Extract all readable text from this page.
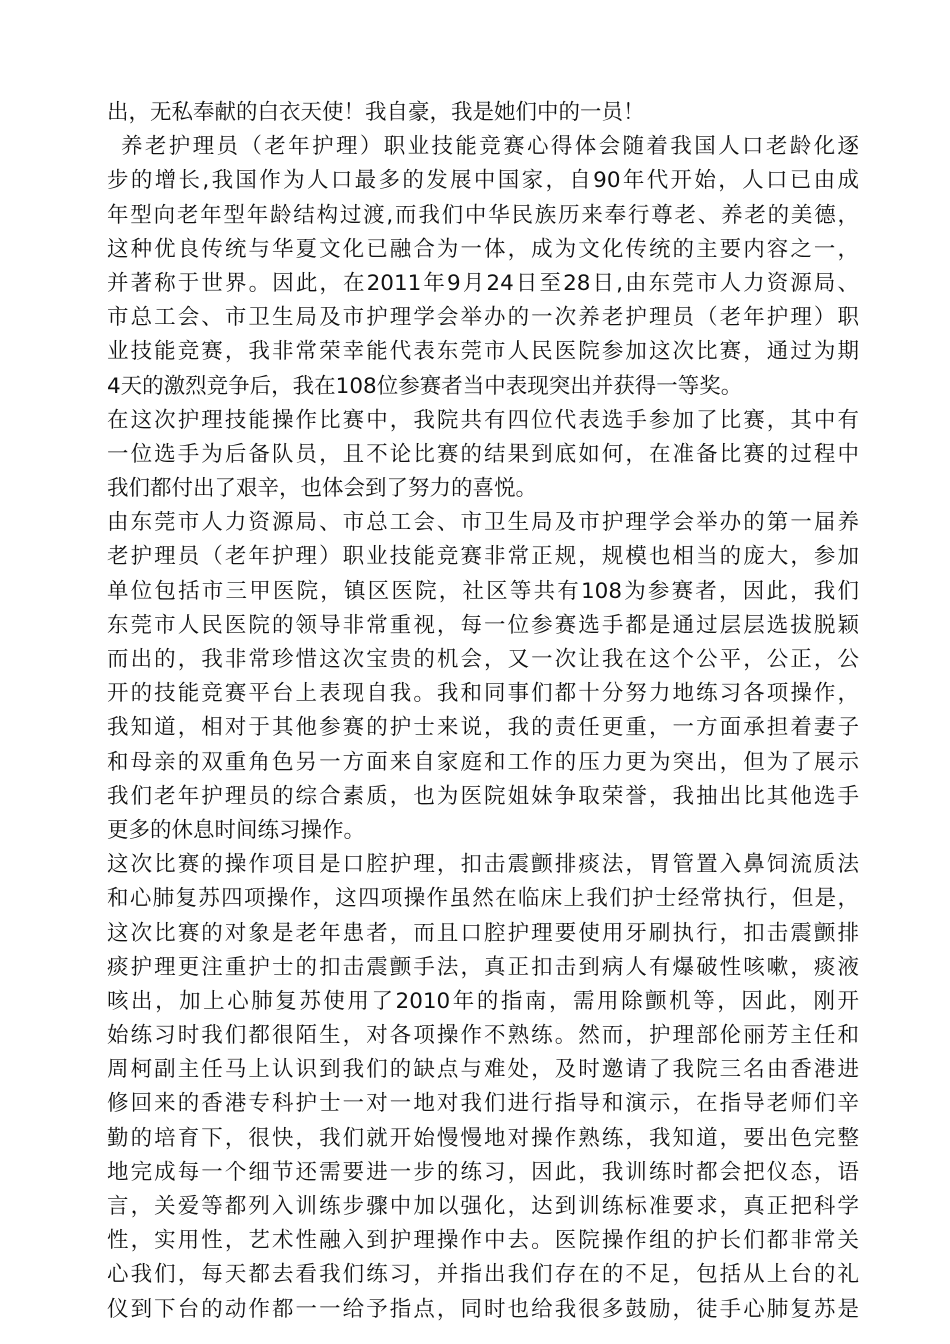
出，无私奉献的白衣天使！我自豪，我是她们中的一员！
养老护理员（老年护理）职业技能竞赛心得体会随着我国人口老龄化逐
步的增长,我国作为人口最多的发展中国家，自90年代开始，人口已由成
年型向老年型年龄结构过渡,而我们中华民族历来奉行尊老、养老的美德，
这种优良传统与华夏文化已融合为一体，成为文化传统的主要内容之一，
并著称于世界。因此，在2011年9月24日至28日,由东莞市人力资源局、
市总工会、市卫生局及市护理学会举办的一次养老护理员（老年护理）职
业技能竞赛，我非常荣幸能代表东莞市人民医院参加这次比赛，通过为期
4天的激烈竞争后，我在108位参赛者当中表现突出并获得一等奖。
在这次护理技能操作比赛中，我院共有四位代表选手参加了比赛，其中有
一位选手为后备队员，且不论比赛的结果到底如何，在准备比赛的过程中
我们都付出了艰辛，也体会到了努力的喜悦。
由东莞市人力资源局、市总工会、市卫生局及市护理学会举办的第一届养
老护理员（老年护理）职业技能竞赛非常正规，规模也相当的庞大，参加
单位包括市三甲医院，镇区医院，社区等共有108为参赛者，因此，我们
东莞市人民医院的领导非常重视，每一位参赛选手都是通过层层选拔脱颖
而出的，我非常珍惜这次宝贵的机会，又一次让我在这个公平，公正，公
开的技能竞赛平台上表现自我。我和同事们都十分努力地练习各项操作，
我知道，相对于其他参赛的护士来说，我的责任更重，一方面承担着妻子
和母亲的双重角色另一方面来自家庭和工作的压力更为突出，但为了展示
我们老年护理员的综合素质，也为医院姐妹争取荣誉，我抽出比其他选手
更多的休息时间练习操作。
这次比赛的操作项目是口腔护理，扣击震颤排痰法，胃管置入鼻饲流质法
和心肺复苏四项操作，这四项操作虽然在临床上我们护士经常执行，但是，
这次比赛的对象是老年患者，而且口腔护理要使用牙刷执行，扣击震颤排
痰护理更注重护士的扣击震颤手法，真正扣击到病人有爆破性咳嗽，痰液
咳出，加上心肺复苏使用了2010年的指南，需用除颤机等，因此，刚开
始练习时我们都很陌生，对各项操作不熟练。然而，护理部伦丽芳主任和
周柯副主任马上认识到我们的缺点与难处，及时邀请了我院三名由香港进
修回来的香港专科护士一对一地对我们进行指导和演示，在指导老师们辛
勤的培育下，很快，我们就开始慢慢地对操作熟练，我知道，要出色完整
地完成每一个细节还需要进一步的练习，因此，我训练时都会把仪态，语
言，关爱等都列入训练步骤中加以强化，达到训练标准要求，真正把科学
性，实用性，艺术性融入到护理操作中去。医院操作组的护长们都非常关
心我们，每天都去看我们练习，并指出我们存在的不足，包括从上台的礼
仪到下台的动作都一一给予指点，同时也给我很多鼓励，徒手心肺复苏是
